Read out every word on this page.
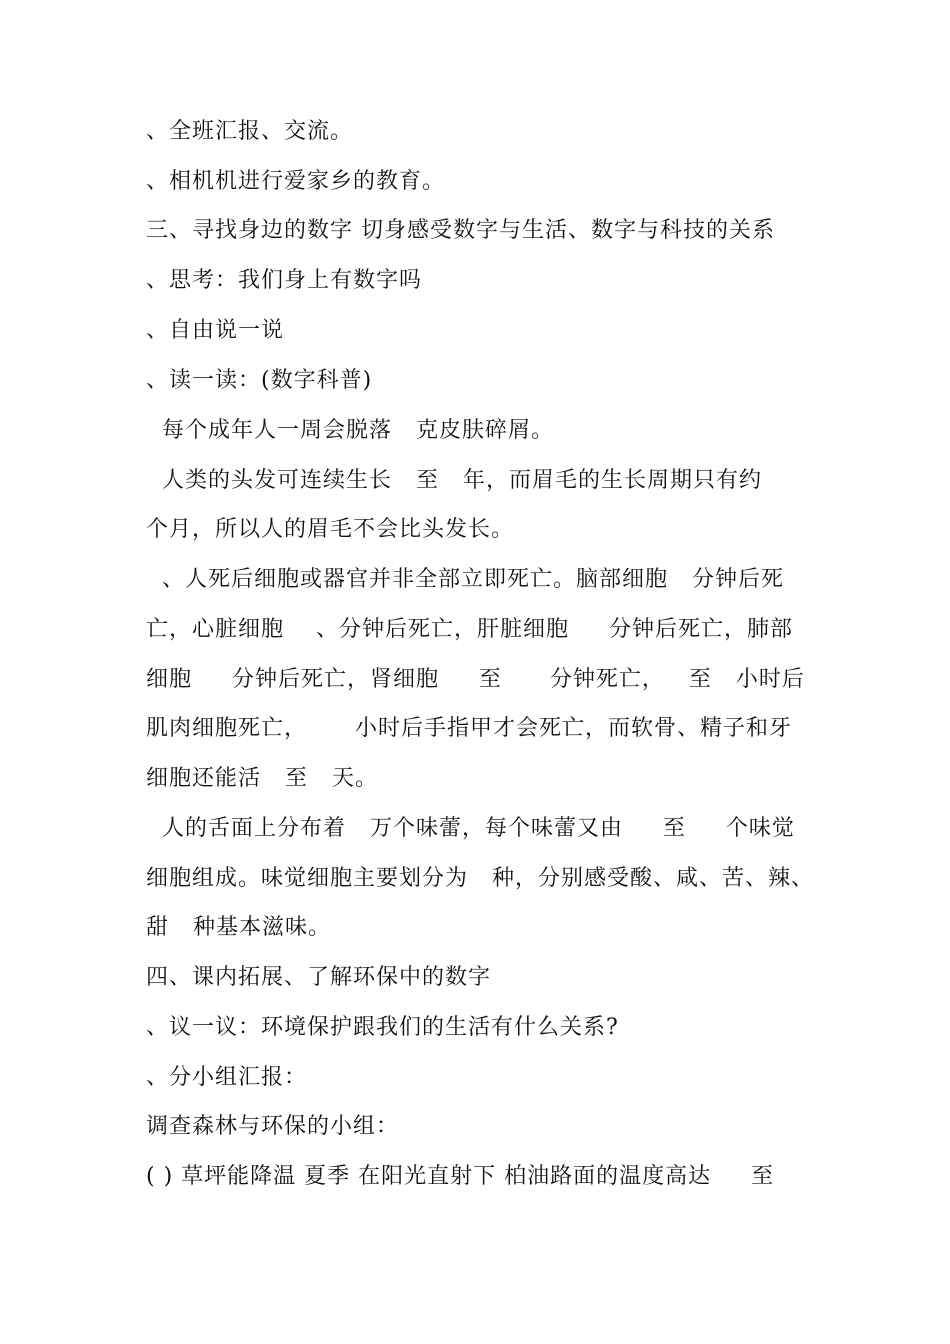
、全班汇报、交流。
、相机机进行爱家乡的教育。
三、寻找身边的数字 切身感受数字与生活、数字与科技的关系
、思考：我们身上有数字吗
、自由说一说
、读一读：(数字科普)
每个成年人一周会脱落   克皮肤碎屑。
人类的头发可连续生长   至   年，而眉毛的生长周期只有约
个月，所以人的眉毛不会比头发长。
、人死后细胞或器官并非全部立即死亡。脑部细胞   分钟后死
亡，心脏细胞    、分钟后死亡，肝脏细胞     分钟后死亡，肺部
细胞     分钟后死亡，肾细胞     至      分钟死亡，   至   小时后
肌肉细胞死亡，      小时后手指甲才会死亡，而软骨、精子和牙
细胞还能活   至   天。
人的舌面上分布着   万个味蕾，每个味蕾又由     至     个味觉
细胞组成。味觉细胞主要划分为   种，分别感受酸、咸、苦、辣、
甜   种基本滋味。
四、课内拓展、了解环保中的数字
、议一议：环境保护跟我们的生活有什么关系?
、分小组汇报：
调查森林与环保的小组：
( ) 草坪能降温 夏季 在阳光直射下 柏油路面的温度高达     至
